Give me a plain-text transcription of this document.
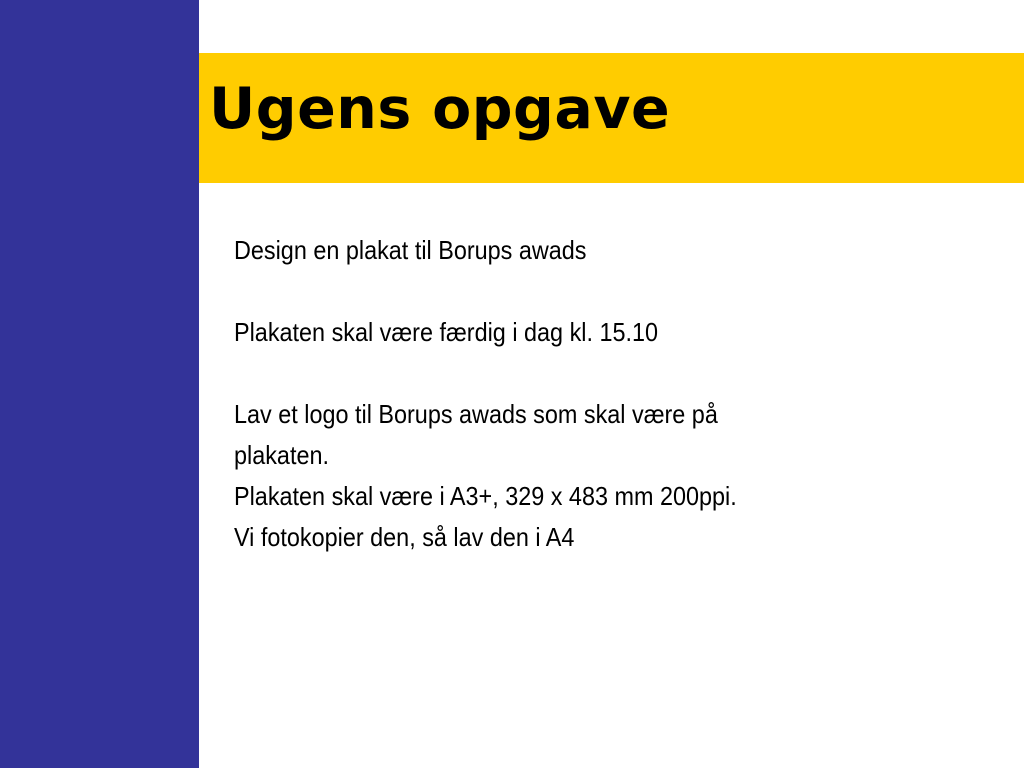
Ugens opgave

Design en plakat til Borups awads

Plakaten skal være færdig i dag kl. 15.10

Lav et logo til Borups awads som skal være på plakaten.

Plakaten skal være i A3+, 329 x 483 mm 200ppi.

Vi fotokopier den, så lav den i A4
